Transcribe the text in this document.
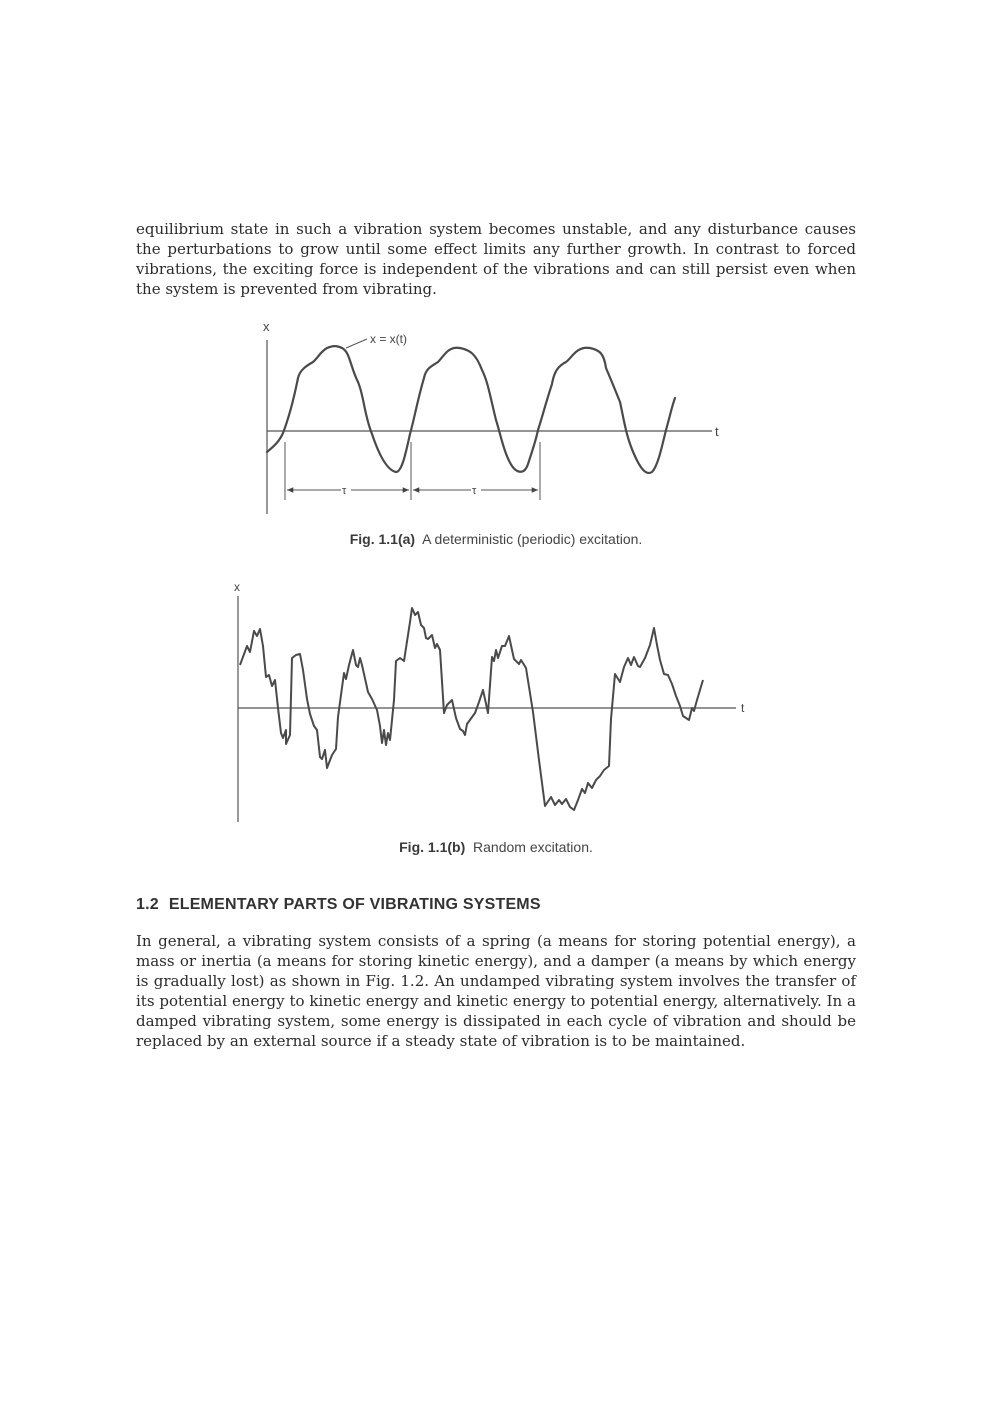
equilibrium state in such a vibration system becomes unstable, and any disturbance causes the perturbations to grow until some effect limits any further growth. In contrast to forced vibrations, the exciting force is independent of the vibrations and can still persist even when the system is prevented from vibrating.

x
t
x = x(t)
τ	τ
x
t

Fig. 1.1(a) A deterministic (periodic) excitation.

Fig. 1.1(b) Random excitation.

1.2 ELEMENTARY PARTS OF VIBRATING SYSTEMS

In general, a vibrating system consists of a spring (a means for storing potential energy), a mass or inertia (a means for storing kinetic energy), and a damper (a means by which energy is gradually lost) as shown in Fig. 1.2. An undamped vibrating system involves the transfer of its potential energy to kinetic energy and kinetic energy to potential energy, alternatively. In a damped vibrating system, some energy is dissipated in each cycle of vibration and should be replaced by an external source if a steady state of vibration is to be maintained.
